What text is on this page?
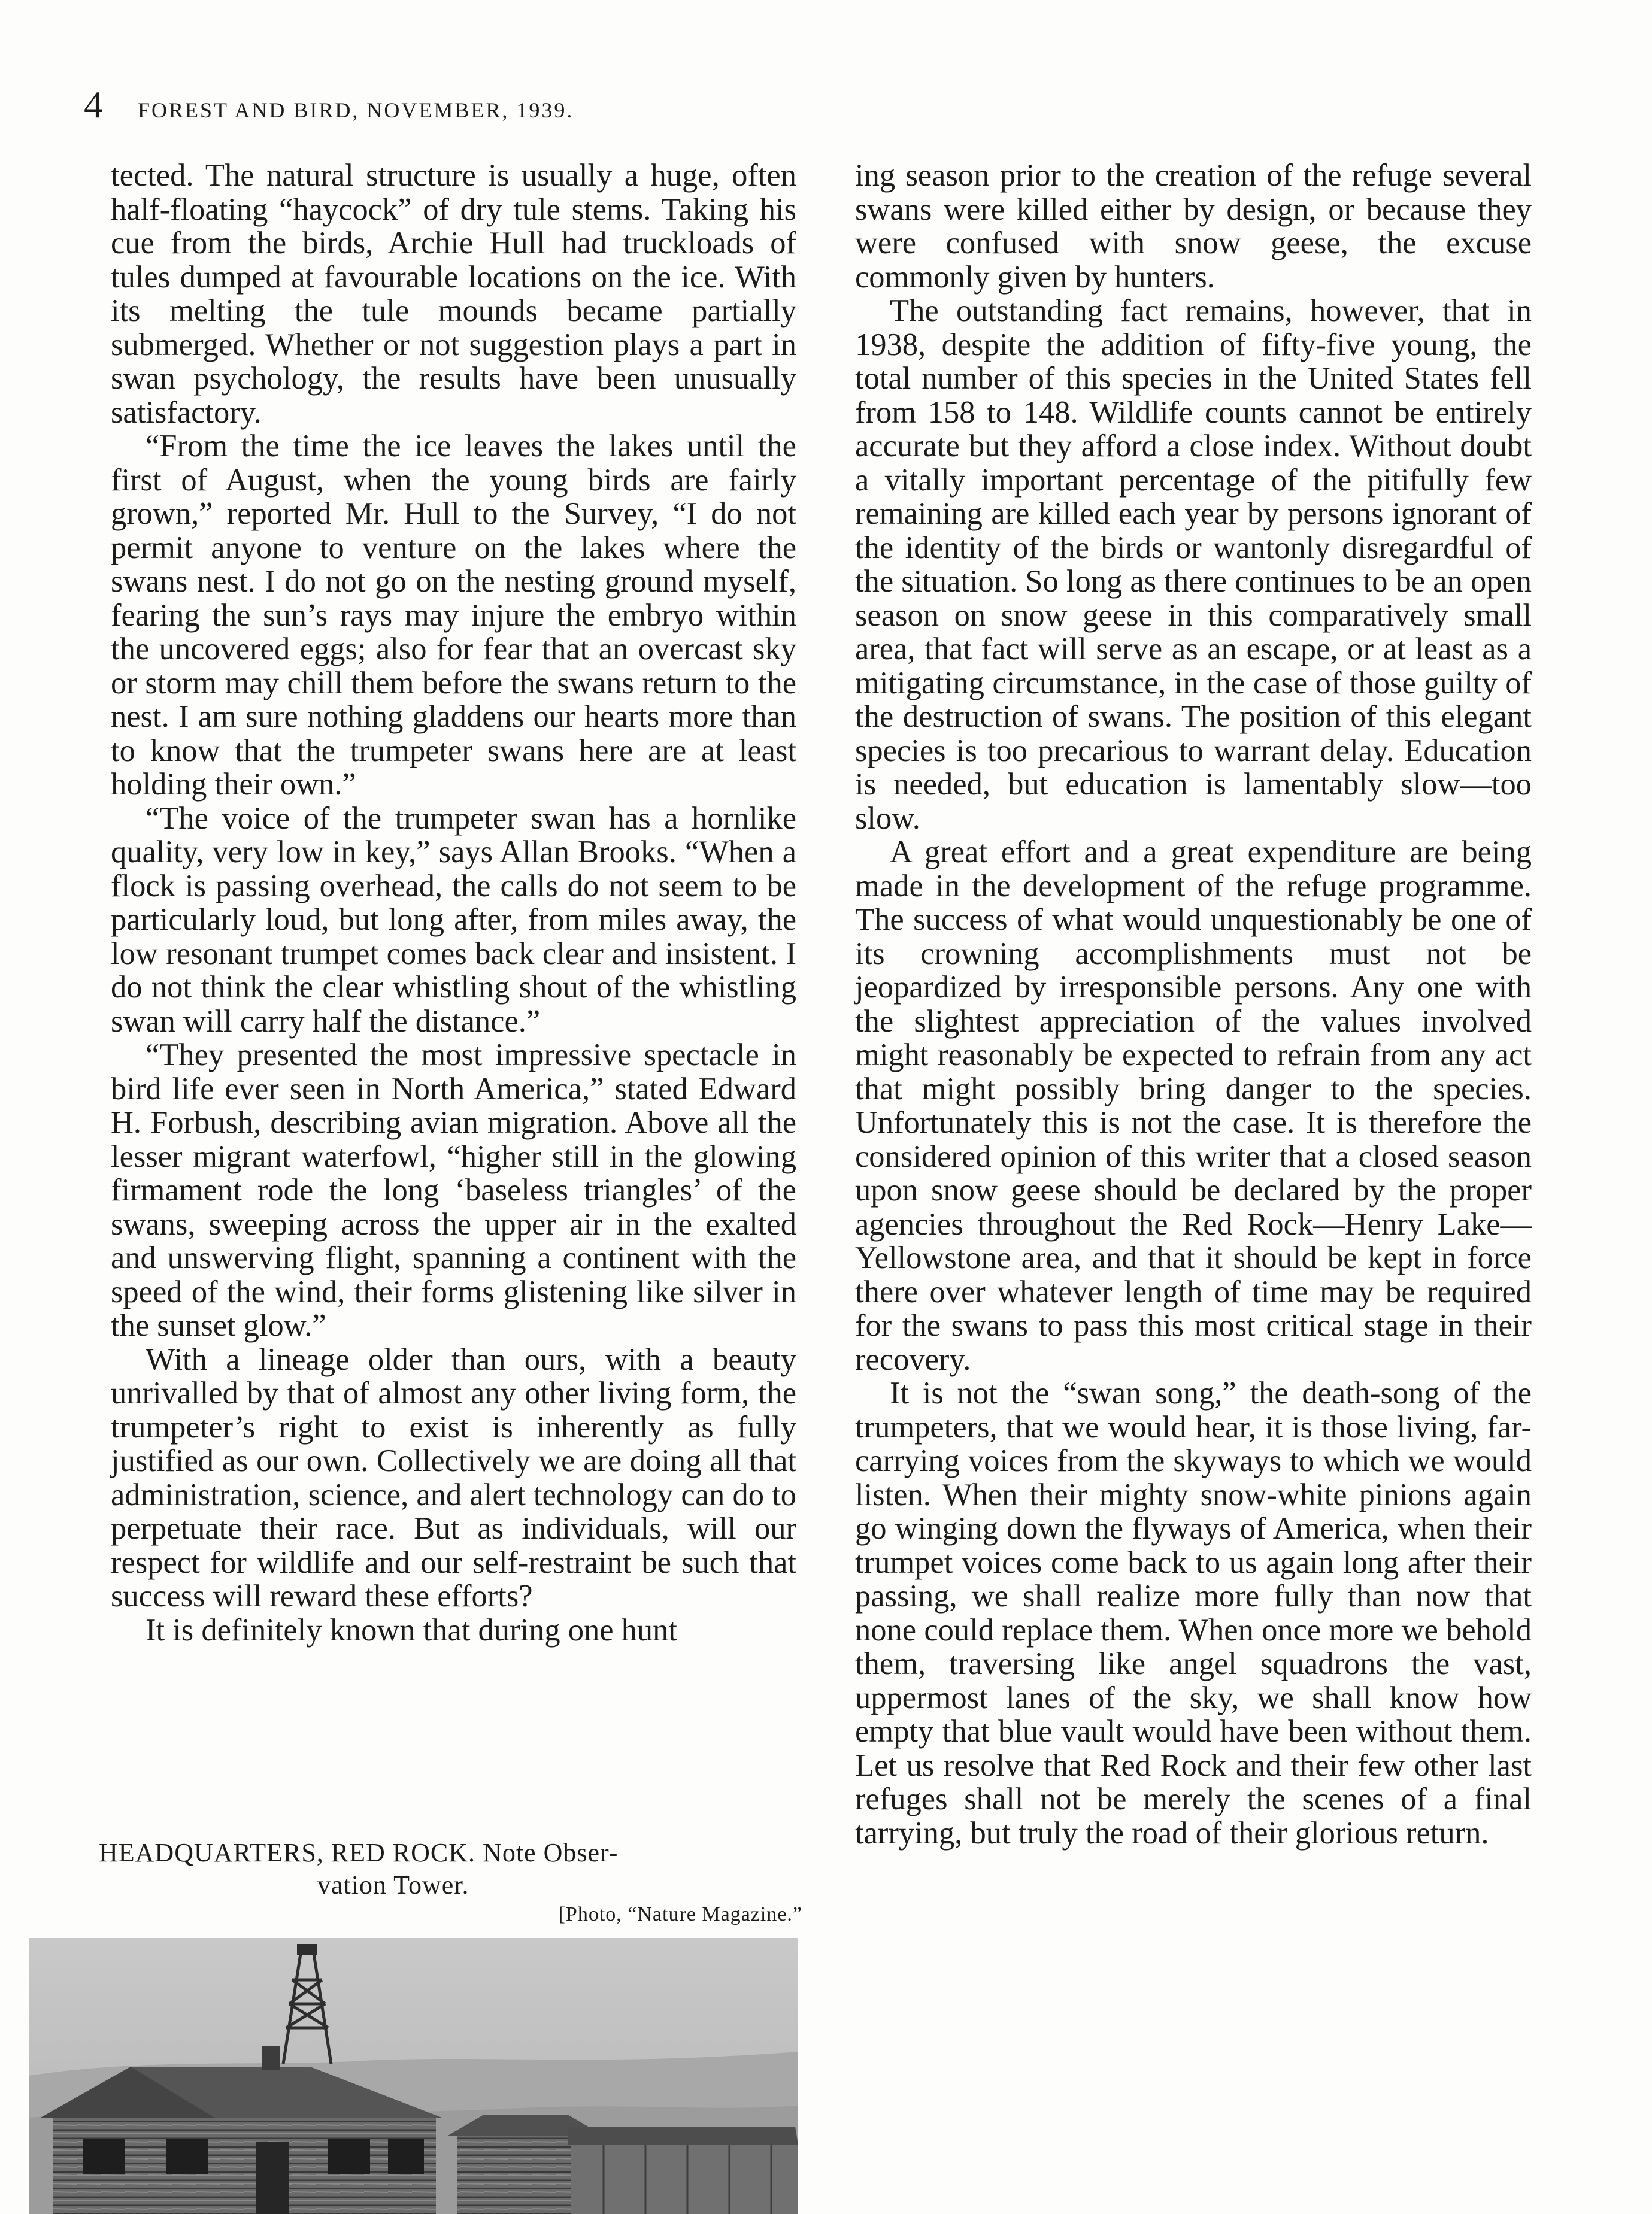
4 FOREST AND BIRD, NOVEMBER, 1939.

tected. The natural structure is usually a huge, often half-floating “haycock” of dry tule stems. Taking his cue from the birds, Archie Hull had truckloads of tules dumped at favourable locations on the ice. With its melting the tule mounds became partially submerged. Whether or not suggestion plays a part in swan psychology, the results have been unusually satisfactory.

“From the time the ice leaves the lakes until the first of August, when the young birds are fairly grown,” reported Mr. Hull to the Survey, “I do not permit anyone to venture on the lakes where the swans nest. I do not go on the nesting ground myself, fearing the sun’s rays may injure the embryo within the uncovered eggs; also for fear that an overcast sky or storm may chill them before the swans return to the nest. I am sure nothing gladdens our hearts more than to know that the trumpeter swans here are at least holding their own.”

“The voice of the trumpeter swan has a hornlike quality, very low in key,” says Allan Brooks. “When a flock is passing overhead, the calls do not seem to be particularly loud, but long after, from miles away, the low resonant trumpet comes back clear and insistent. I do not think the clear whistling shout of the whistling swan will carry half the distance.”

“They presented the most impressive spectacle in bird life ever seen in North America,” stated Edward H. Forbush, describing avian migration. Above all the lesser migrant waterfowl, “higher still in the glowing firmament rode the long ‘baseless triangles’ of the swans, sweeping across the upper air in the exalted and unswerving flight, spanning a continent with the speed of the wind, their forms glistening like silver in the sunset glow.”

With a lineage older than ours, with a beauty unrivalled by that of almost any other living form, the trumpeter’s right to exist is inherently as fully justified as our own. Collectively we are doing all that administration, science, and alert technology can do to perpetuate their race. But as individuals, will our respect for wildlife and our self-restraint be such that success will reward these efforts?

It is definitely known that during one hunt

HEADQUARTERS, RED ROCK. Note Obser-
vation Tower.
[Photo, “Nature Magazine.”

ing season prior to the creation of the refuge several swans were killed either by design, or because they were confused with snow geese, the excuse commonly given by hunters.

The outstanding fact remains, however, that in 1938, despite the addition of fifty-five young, the total number of this species in the United States fell from 158 to 148. Wildlife counts cannot be entirely accurate but they afford a close index. Without doubt a vitally important percentage of the pitifully few remaining are killed each year by persons ignorant of the identity of the birds or wantonly disregardful of the situation. So long as there continues to be an open season on snow geese in this comparatively small area, that fact will serve as an escape, or at least as a mitigating circumstance, in the case of those guilty of the destruction of swans. The position of this elegant species is too precarious to warrant delay. Education is needed, but education is lamentably slow—too slow.

A great effort and a great expenditure are being made in the development of the refuge programme. The success of what would unquestionably be one of its crowning accomplishments must not be jeopardized by irresponsible persons. Any one with the slightest appreciation of the values involved might reasonably be expected to refrain from any act that might possibly bring danger to the species. Unfortunately this is not the case. It is therefore the considered opinion of this writer that a closed season upon snow geese should be declared by the proper agencies throughout the Red Rock—Henry Lake—Yellowstone area, and that it should be kept in force there over whatever length of time may be required for the swans to pass this most critical stage in their recovery.

It is not the “swan song,” the death-song of the trumpeters, that we would hear, it is those living, far-carrying voices from the skyways to which we would listen. When their mighty snow-white pinions again go winging down the flyways of America, when their trumpet voices come back to us again long after their passing, we shall realize more fully than now that none could replace them. When once more we behold them, traversing like angel squadrons the vast, uppermost lanes of the sky, we shall know how empty that blue vault would have been without them. Let us resolve that Red Rock and their few other last refuges shall not be merely the scenes of a final tarrying, but truly the road of their glorious return.
